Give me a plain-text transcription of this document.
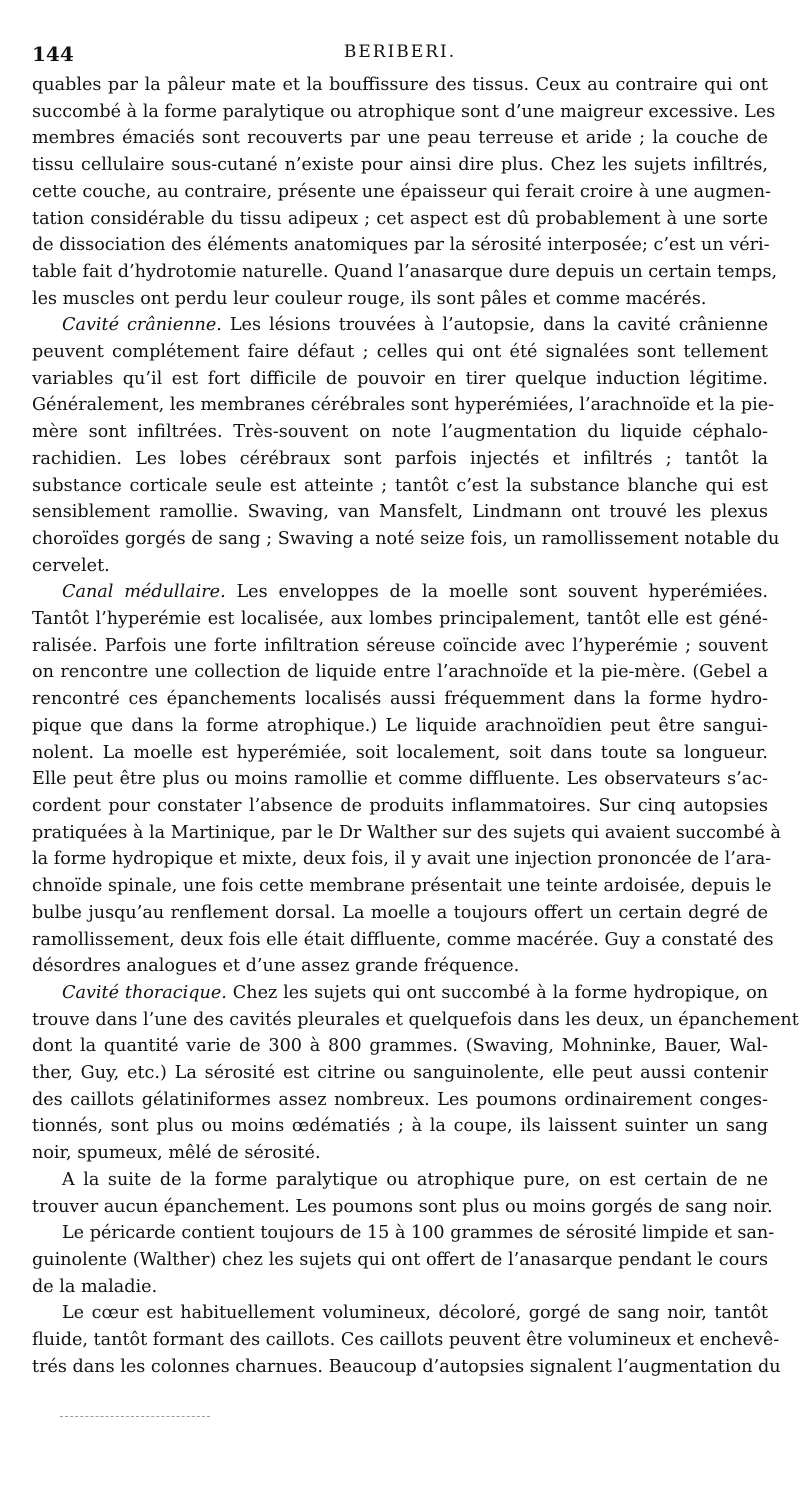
144	BERIBERI.
quables par la pâleur mate et la bouffissure des tissus. Ceux au contraire qui ont
succombé à la forme paralytique ou atrophique sont d’une maigreur excessive. Les
membres émaciés sont recouverts par une peau terreuse et aride ; la couche de
tissu cellulaire sous-cutané n’existe pour ainsi dire plus. Chez les sujets infiltrés,
cette couche, au contraire, présente une épaisseur qui ferait croire à une augmen-
tation considérable du tissu adipeux ; cet aspect est dû probablement à une sorte
de dissociation des éléments anatomiques par la sérosité interposée; c’est un véri-
table fait d’hydrotomie naturelle. Quand l’anasarque dure depuis un certain temps,
les muscles ont perdu leur couleur rouge, ils sont pâles et comme macérés.
Cavité crânienne. Les lésions trouvées à l’autopsie, dans la cavité crânienne
peuvent complétement faire défaut ; celles qui ont été signalées sont tellement
variables qu’il est fort difficile de pouvoir en tirer quelque induction légitime.
Généralement, les membranes cérébrales sont hyperémiées, l’arachnoïde et la pie-
mère sont infiltrées. Très-souvent on note l’augmentation du liquide céphalo-
rachidien. Les lobes cérébraux sont parfois injectés et infiltrés ; tantôt la
substance corticale seule est atteinte ; tantôt c’est la substance blanche qui est
sensiblement ramollie. Swaving, van Mansfelt, Lindmann ont trouvé les plexus
choroïdes gorgés de sang ; Swaving a noté seize fois, un ramollissement notable du
cervelet.
Canal médullaire. Les enveloppes de la moelle sont souvent hyperémiées.
Tantôt l’hyperémie est localisée, aux lombes principalement, tantôt elle est géné-
ralisée. Parfois une forte infiltration séreuse coïncide avec l’hyperémie ; souvent
on rencontre une collection de liquide entre l’arachnoïde et la pie-mère. (Gebel a
rencontré ces épanchements localisés aussi fréquemment dans la forme hydro-
pique que dans la forme atrophique.) Le liquide arachnoïdien peut être sangui-
nolent. La moelle est hyperémiée, soit localement, soit dans toute sa longueur.
Elle peut être plus ou moins ramollie et comme diffluente. Les observateurs s’ac-
cordent pour constater l’absence de produits inflammatoires. Sur cinq autopsies
pratiquées à la Martinique, par le Dr Walther sur des sujets qui avaient succombé à
la forme hydropique et mixte, deux fois, il y avait une injection prononcée de l’ara-
chnoïde spinale, une fois cette membrane présentait une teinte ardoisée, depuis le
bulbe jusqu’au renflement dorsal. La moelle a toujours offert un certain degré de
ramollissement, deux fois elle était diffluente, comme macérée. Guy a constaté des
désordres analogues et d’une assez grande fréquence.
Cavité thoracique. Chez les sujets qui ont succombé à la forme hydropique, on
trouve dans l’une des cavités pleurales et quelquefois dans les deux, un épanchement
dont la quantité varie de 300 à 800 grammes. (Swaving, Mohninke, Bauer, Wal-
ther, Guy, etc.) La sérosité est citrine ou sanguinolente, elle peut aussi contenir
des caillots gélatiniformes assez nombreux. Les poumons ordinairement conges-
tionnés, sont plus ou moins œdématiés ; à la coupe, ils laissent suinter un sang
noir, spumeux, mêlé de sérosité.
A la suite de la forme paralytique ou atrophique pure, on est certain de ne
trouver aucun épanchement. Les poumons sont plus ou moins gorgés de sang noir.
Le péricarde contient toujours de 15 à 100 grammes de sérosité limpide et san-
guinolente (Walther) chez les sujets qui ont offert de l’anasarque pendant le cours
de la maladie.
Le cœur est habituellement volumineux, décoloré, gorgé de sang noir, tantôt
fluide, tantôt formant des caillots. Ces caillots peuvent être volumineux et enchevê-
trés dans les colonnes charnues. Beaucoup d’autopsies signalent l’augmentation du
